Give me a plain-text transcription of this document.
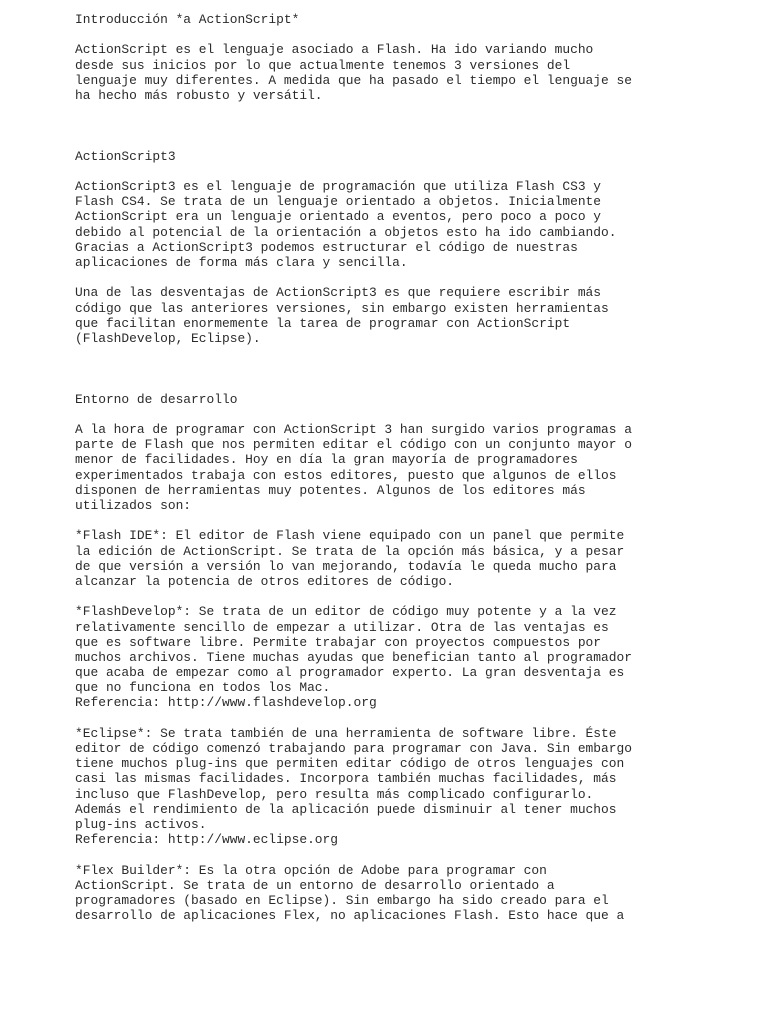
Introducción *a ActionScript*
ActionScript es el lenguaje asociado a Flash. Ha ido variando mucho
desde sus inicios por lo que actualmente tenemos 3 versiones del
lenguaje muy diferentes. A medida que ha pasado el tiempo el lenguaje se
ha hecho más robusto y versátil.
ActionScript3
ActionScript3 es el lenguaje de programación que utiliza Flash CS3 y
Flash CS4. Se trata de un lenguaje orientado a objetos. Inicialmente
ActionScript era un lenguaje orientado a eventos, pero poco a poco y
debido al potencial de la orientación a objetos esto ha ido cambiando.
Gracias a ActionScript3 podemos estructurar el código de nuestras
aplicaciones de forma más clara y sencilla.
Una de las desventajas de ActionScript3 es que requiere escribir más
código que las anteriores versiones, sin embargo existen herramientas
que facilitan enormemente la tarea de programar con ActionScript
(FlashDevelop, Eclipse).
Entorno de desarrollo
A la hora de programar con ActionScript 3 han surgido varios programas a
parte de Flash que nos permiten editar el código con un conjunto mayor o
menor de facilidades. Hoy en día la gran mayoría de programadores
experimentados trabaja con estos editores, puesto que algunos de ellos
disponen de herramientas muy potentes. Algunos de los editores más
utilizados son:
*Flash IDE*: El editor de Flash viene equipado con un panel que permite
la edición de ActionScript. Se trata de la opción más básica, y a pesar
de que versión a versión lo van mejorando, todavía le queda mucho para
alcanzar la potencia de otros editores de código.
*FlashDevelop*: Se trata de un editor de código muy potente y a la vez
relativamente sencillo de empezar a utilizar. Otra de las ventajas es
que es software libre. Permite trabajar con proyectos compuestos por
muchos archivos. Tiene muchas ayudas que benefician tanto al programador
que acaba de empezar como al programador experto. La gran desventaja es
que no funciona en todos los Mac.
Referencia: http://www.flashdevelop.org
*Eclipse*: Se trata también de una herramienta de software libre. Éste
editor de código comenzó trabajando para programar con Java. Sin embargo
tiene muchos plug-ins que permiten editar código de otros lenguajes con
casi las mismas facilidades. Incorpora también muchas facilidades, más
incluso que FlashDevelop, pero resulta más complicado configurarlo.
Además el rendimiento de la aplicación puede disminuir al tener muchos
plug-ins activos.
Referencia: http://www.eclipse.org
*Flex Builder*: Es la otra opción de Adobe para programar con
ActionScript. Se trata de un entorno de desarrollo orientado a
programadores (basado en Eclipse). Sin embargo ha sido creado para el
desarrollo de aplicaciones Flex, no aplicaciones Flash. Esto hace que a
